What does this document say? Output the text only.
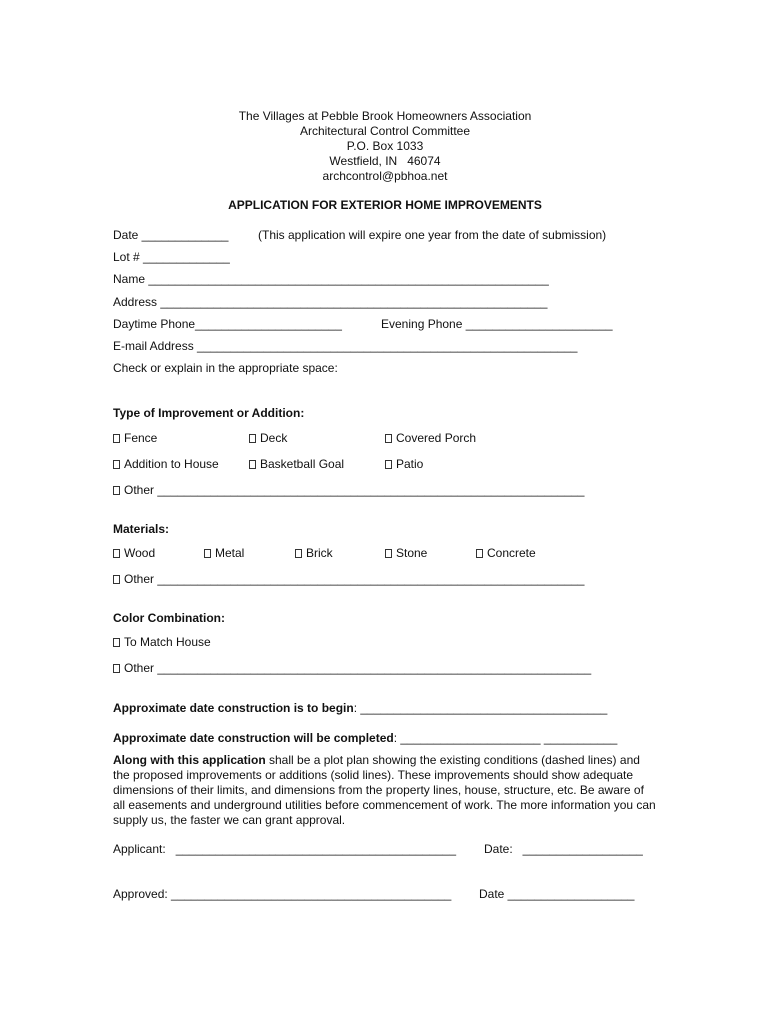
The Villages at Pebble Brook Homeowners Association
Architectural Control Committee
P.O. Box 1033
Westfield, IN   46074
archcontrol@pbhoa.net
APPLICATION FOR EXTERIOR HOME IMPROVEMENTS
Date _____________ (This application will expire one year from the date of submission)
Lot # _____________
Name ____________________________________________________________
Address __________________________________________________________
Daytime Phone______________________	Evening Phone ______________________
E-mail Address _________________________________________________________
Check or explain in the appropriate space:
Type of Improvement or Addition:
Fence	Deck	Covered Porch
Addition to House	Basketball Goal	Patio
Other ________________________________________________________________
Materials:
Wood	Metal	Brick	Stone	Concrete
Other ________________________________________________________________
Color Combination:
To Match House
Other _________________________________________________________________
Approximate date construction is to begin: _____________________________________
Approximate date construction will be completed: _____________________ ___________
Along with this application shall be a plot plan showing the existing conditions (dashed lines) and the proposed improvements or additions (solid lines). These improvements should show adequate dimensions of their limits, and dimensions from the property lines, house, structure, etc. Be aware of all easements and underground utilities before commencement of work. The more information you can supply us, the faster we can grant approval.
Applicant:   __________________________________________ Date:   __________________
Approved: __________________________________________ Date ___________________
